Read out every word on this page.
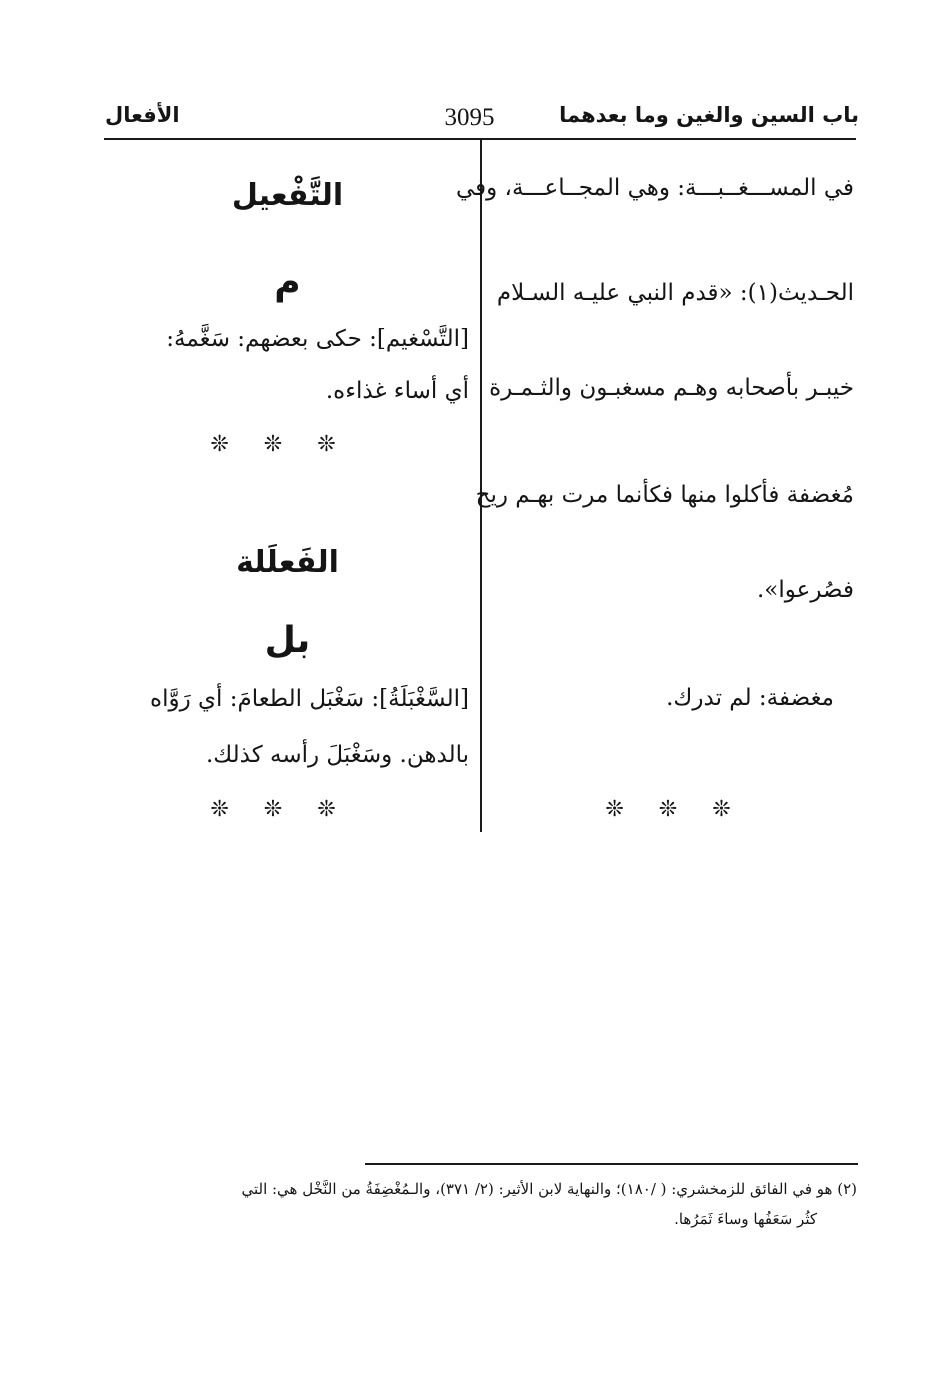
باب السين والغين وما بعدهما
3095
الأفعال
في المســـغــبـــة: وهي المجــاعـــة، وفي
الحـديث(١): «قدم النبي عليـه السـلام
خيبـر بأصحابه وهـم مسغبـون والثـمـرة
مُغضفة فأكلوا منها فكأنما مرت بهـم ريح
فصُرعوا».
مغضفة: لم تدرك.
❊ ❊ ❊
التَّفْعيل
م
[التَّسْغيم]: حكى بعضهم: سَغَّمهُ:
أي أساء غذاءه.
❊ ❊ ❊
الفَعلَلة
بل
[السَّغْبَلَةُ]: سَغْبَل الطعامَ: أي رَوَّاه
بالدهن. وسَغْبَلَ رأسه كذلك.
❊ ❊ ❊
(٢) هو في الفائق للزمخشري: ( /١٨٠)؛ والنهاية لابن الأثير: (٢/ ٣٧١)، والـمُغْضِفَةُ من النَّخْل هي: التي
كثُر سَعَفُها وساءَ ثَمَرُها.
